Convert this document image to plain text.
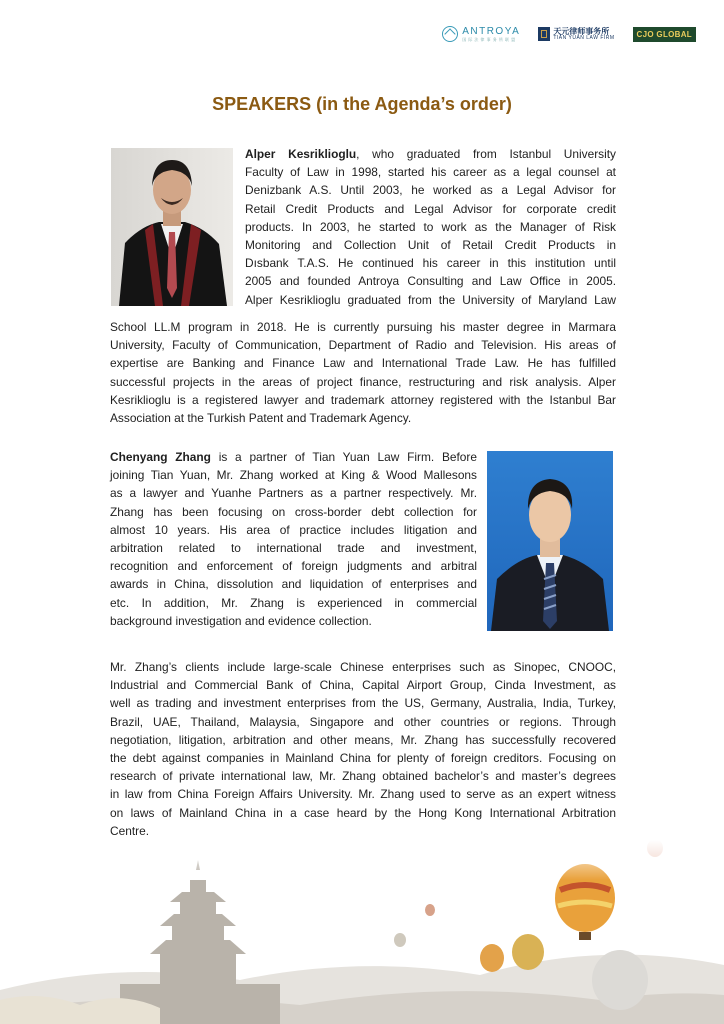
ANTROYA
国 际 法 律 事 务 所 联 盟
天元律师事务所
TIAN YUAN LAW FIRM	CJO GLOBAL
SPEAKERS (in the Agenda’s order)
Alper Kesriklioglu, who graduated from Istanbul University
Faculty of Law in 1998, started his career as a legal counsel at
Denizbank A.S. Until 2003, he worked as a Legal Advisor for
Retail Credit Products and Legal Advisor for corporate credit
products. In 2003, he started to work as the Manager of Risk
Monitoring and Collection Unit of Retail Credit Products in
Dısbank T.A.S. He continued his career in this institution until
2005 and founded Antroya Consulting and Law Office in 2005.
Alper Kesriklioglu graduated from the University of Maryland Law
School LL.M program in 2018. He is currently pursuing his master degree in Marmara
University, Faculty of Communication, Department of Radio and Television. His areas of
expertise are Banking and Finance Law and International Trade Law. He has fulfilled
successful projects in the areas of project finance, restructuring and risk analysis. Alper
Kesriklioglu is a registered lawyer and trademark attorney registered with the Istanbul Bar
Association at the Turkish Patent and Trademark Agency.
Chenyang Zhang is a partner of Tian Yuan Law Firm. Before
joining Tian Yuan, Mr. Zhang worked at King & Wood Mallesons
as a lawyer and Yuanhe Partners as a partner respectively. Mr.
Zhang has been focusing on cross-border debt collection for
almost 10 years. His area of practice includes litigation and
arbitration related to international trade and investment,
recognition and enforcement of foreign judgments and arbitral
awards in China, dissolution and liquidation of enterprises and
etc. In addition, Mr. Zhang is experienced in commercial
background investigation and evidence collection.
Mr. Zhang’s clients include large-scale Chinese enterprises such as Sinopec, CNOOC,
Industrial and Commercial Bank of China, Capital Airport Group, Cinda Investment, as
well as trading and investment enterprises from the US, Germany, Australia, India, Turkey,
Brazil, UAE, Thailand, Malaysia, Singapore and other countries or regions. Through
negotiation, litigation, arbitration and other means, Mr. Zhang has successfully recovered
the debt against companies in Mainland China for plenty of foreign creditors. Focusing on
research of private international law, Mr. Zhang obtained bachelor’s and master’s degrees
in law from China Foreign Affairs University. Mr. Zhang used to serve as an expert witness
on laws of Mainland China in a case heard by the Hong Kong International Arbitration
Centre.
